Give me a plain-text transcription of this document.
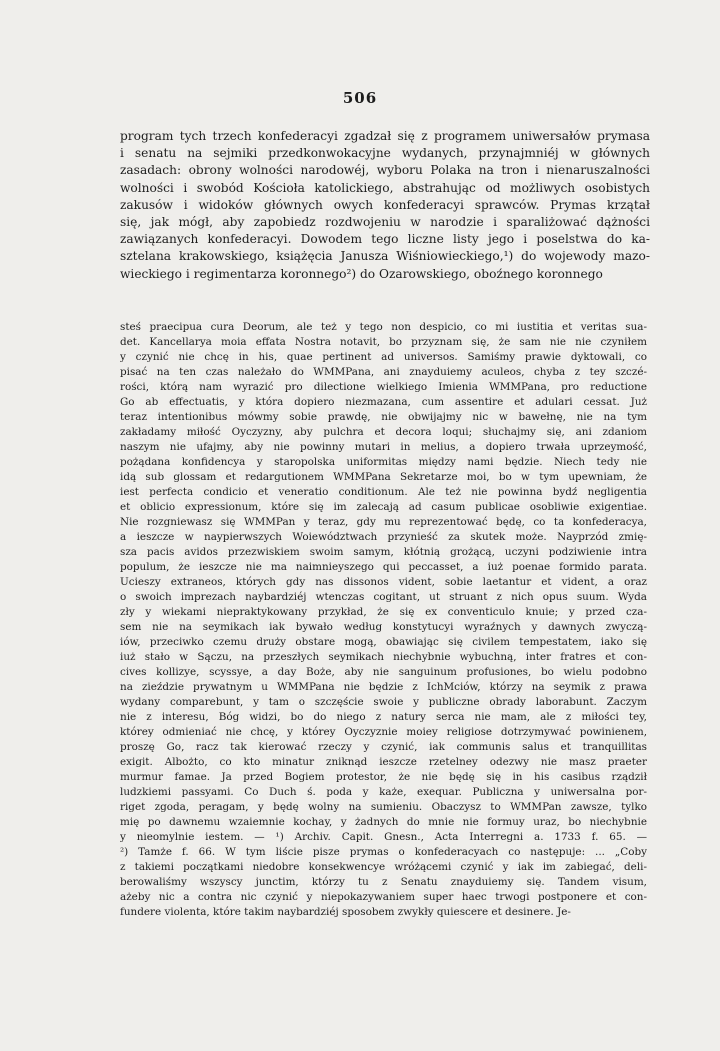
506
program tych trzech konfederacyi zgadzał się z programem uniwersałów prymasa
i senatu na sejmiki przedkonwokacyjne wydanych, przynajmniéj w głównych
zasadach: obrony wolności narodowéj, wyboru Polaka na tron i nienaruszalności
wolności i swobód Kościoła katolickiego, abstrahując od możliwych osobistych
zakusów i widoków głównych owych konfederacyi sprawców. Prymas krzątał
się, jak mógł, aby zapobiedz rozdwojeniu w narodzie i sparaliżować dążności
zawiązanych konfederacyi. Dowodem tego liczne listy jego i poselstwa do ka-
sztelana krakowskiego, książęcia Janusza Wiśniowieckiego,¹) do wojewody mazo-
wieckiego i regimentarza koronnego²) do Ozarowskiego, oboźnego koronnego
steś praecipua cura Deorum, ale też y tego non despicio, co mi iustitia et veritas sua-
det. Kancellarya moia effata Nostra notavit, bo przyznam się, że sam nie nie czyniłem
y czynić nie chcę in his, quae pertinent ad universos. Samiśmy prawie dyktowali, co
pisać na ten czas należało do WMMPana, ani znayduiemy aculeos, chyba z tey szczé-
rości, którą nam wyrazić pro dilectione wielkiego Imienia WMMPana, pro reductione
Go ab effectuatis, y która dopiero niezmazana, cum assentire et adulari cessat. Już
teraz intentionibus mówmy sobie prawdę, nie obwijajmy nic w bawełnę, nie na tym
zakładamy miłość Oyczyzny, aby pulchra et decora loqui; słuchajmy się, ani zdaniom
naszym nie ufajmy, aby nie powinny mutari in melius, a dopiero trwała uprzeymość,
pożądana konfidencya y staropolska uniformitas między nami będzie. Niech tedy nie
idą sub glossam et redargutionem WMMPana Sekretarze moi, bo w tym upewniam, że
iest perfecta condicio et veneratio conditionum. Ale też nie powinna bydź negligentia
et oblicio expressionum, które się im zalecają ad casum publicae osobliwie exigentiae.
Nie rozgniewasz się WMMPan y teraz, gdy mu reprezentować będę, co ta konfederacya,
a ieszcze w naypierwszych Woiewództwach przynieść za skutek może. Nayprzód zmię-
sza pacis avidos przezwiskiem swoim samym, kłótnią grożącą, uczyni podziwienie intra
populum, że ieszcze nie ma naimnieyszego qui peccasset, a iuż poenae formido parata.
Ucieszy extraneos, których gdy nas dissonos vident, sobie laetantur et vident, a oraz
o swoich imprezach naybardziéj wtenczas cogitant, ut struant z nich opus suum. Wyda
zły y wiekami niepraktykowany przykład, że się ex conventiculo knuie; y przed cza-
sem nie na seymikach iak bywało według konstytucyi wyraźnych y dawnych zwyczą-
iów, przeciwko czemu druży obstare mogą, obawiając się civilem tempestatem, iako się
iuż stało w Sączu, na przeszłych seymikach niechybnie wybuchną, inter fratres et con-
cives kollizye, scyssye, a day Boże, aby nie sanguinum profusiones, bo wielu podobno
na zieździe prywatnym u WMMPana nie będzie z IchMciów, którzy na seymik z prawa
wydany comparebunt, y tam o szczęście swoie y publiczne obrady laborabunt. Zaczym
nie z interesu, Bóg widzi, bo do niego z natury serca nie mam, ale z miłości tey,
którey odmieniać nie chcę, y którey Oyczyznie moiey religiose dotrzymywać powinienem,
proszę Go, racz tak kierować rzeczy y czynić, iak communis salus et tranquillitas
exigit. Albożto, co kto minatur zniknąd ieszcze rzetelney odezwy nie masz praeter
murmur famae. Ja przed Bogiem protestor, że nie będę się in his casibus rządził
ludzkiemi passyami. Co Duch ś. poda y każe, exequar. Publiczna y uniwersalna por-
riget zgoda, peragam, y będę wolny na sumieniu. Obaczysz to WMMPan zawsze, tylko
mię po dawnemu wzaiemnie kochay, y żadnych do mnie nie formuy uraz, bo niechybnie
y nieomylnie iestem. — ¹) Archiv. Capit. Gnesn., Acta Interregni a. 1733 f. 65. —
²) Tamże f. 66. W tym liście pisze prymas o konfederacyach co następuje: ... „Coby
z takiemi początkami niedobre konsekwencye wróżącemi czynić y iak im zabiegać, deli-
berowaliśmy wszyscy junctim, którzy tu z Senatu znayduiemy się. Tandem visum,
ażeby nic a contra nic czynić y niepokazywaniem super haec trwogi postponere et con-
fundere violenta, które takim naybardziéj sposobem zwykły quiescere et desinere. Je-
